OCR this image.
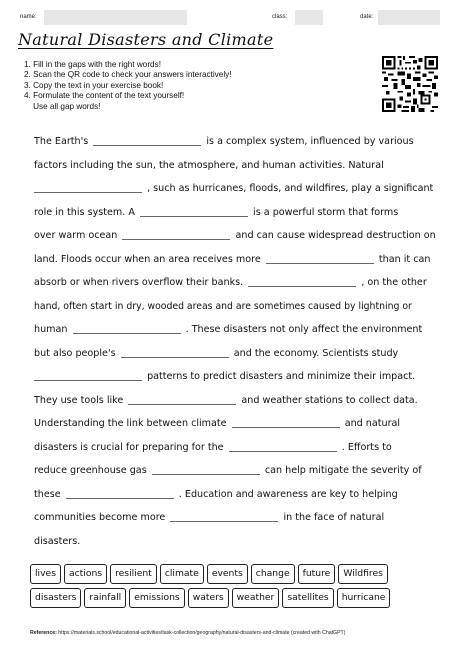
name:	class:	date:
Natural Disasters and Climate
1. Fill in the gaps with the right words!
2. Scan the QR code to check your answers interactively!
3. Copy the text in your exercise book!
4. Formulate the content of the text yourself!
Use all gap words!
The Earth's	is a complex system, influenced by various
factors including the sun, the atmosphere, and human activities. Natural
, such as hurricanes, floods, and wildfires, play a significant
role in this system. A	is a powerful storm that forms
over warm ocean	and can cause widespread destruction on
land. Floods occur when an area receives more	than it can
absorb or when rivers overflow their banks.	, on the other
hand, often start in dry, wooded areas and are sometimes caused by lightning or
human	. These disasters not only affect the environment
but also people's	and the economy. Scientists study
patterns to predict disasters and minimize their impact.
They use tools like	and weather stations to collect data.
Understanding the link between climate	and natural
disasters is crucial for preparing for the	. Efforts to
reduce greenhouse gas	can help mitigate the severity of
these	. Education and awareness are key to helping
communities become more	in the face of natural
disasters.
lives	actions	resilient	climate	events	change	future	Wildfires
disasters	rainfall	emissions	waters	weather	satellites	hurricane
Reference: https://materials.school/educational-activities/task-collection/geography/natural-disasters-and-climate (created with ChatGPT)
